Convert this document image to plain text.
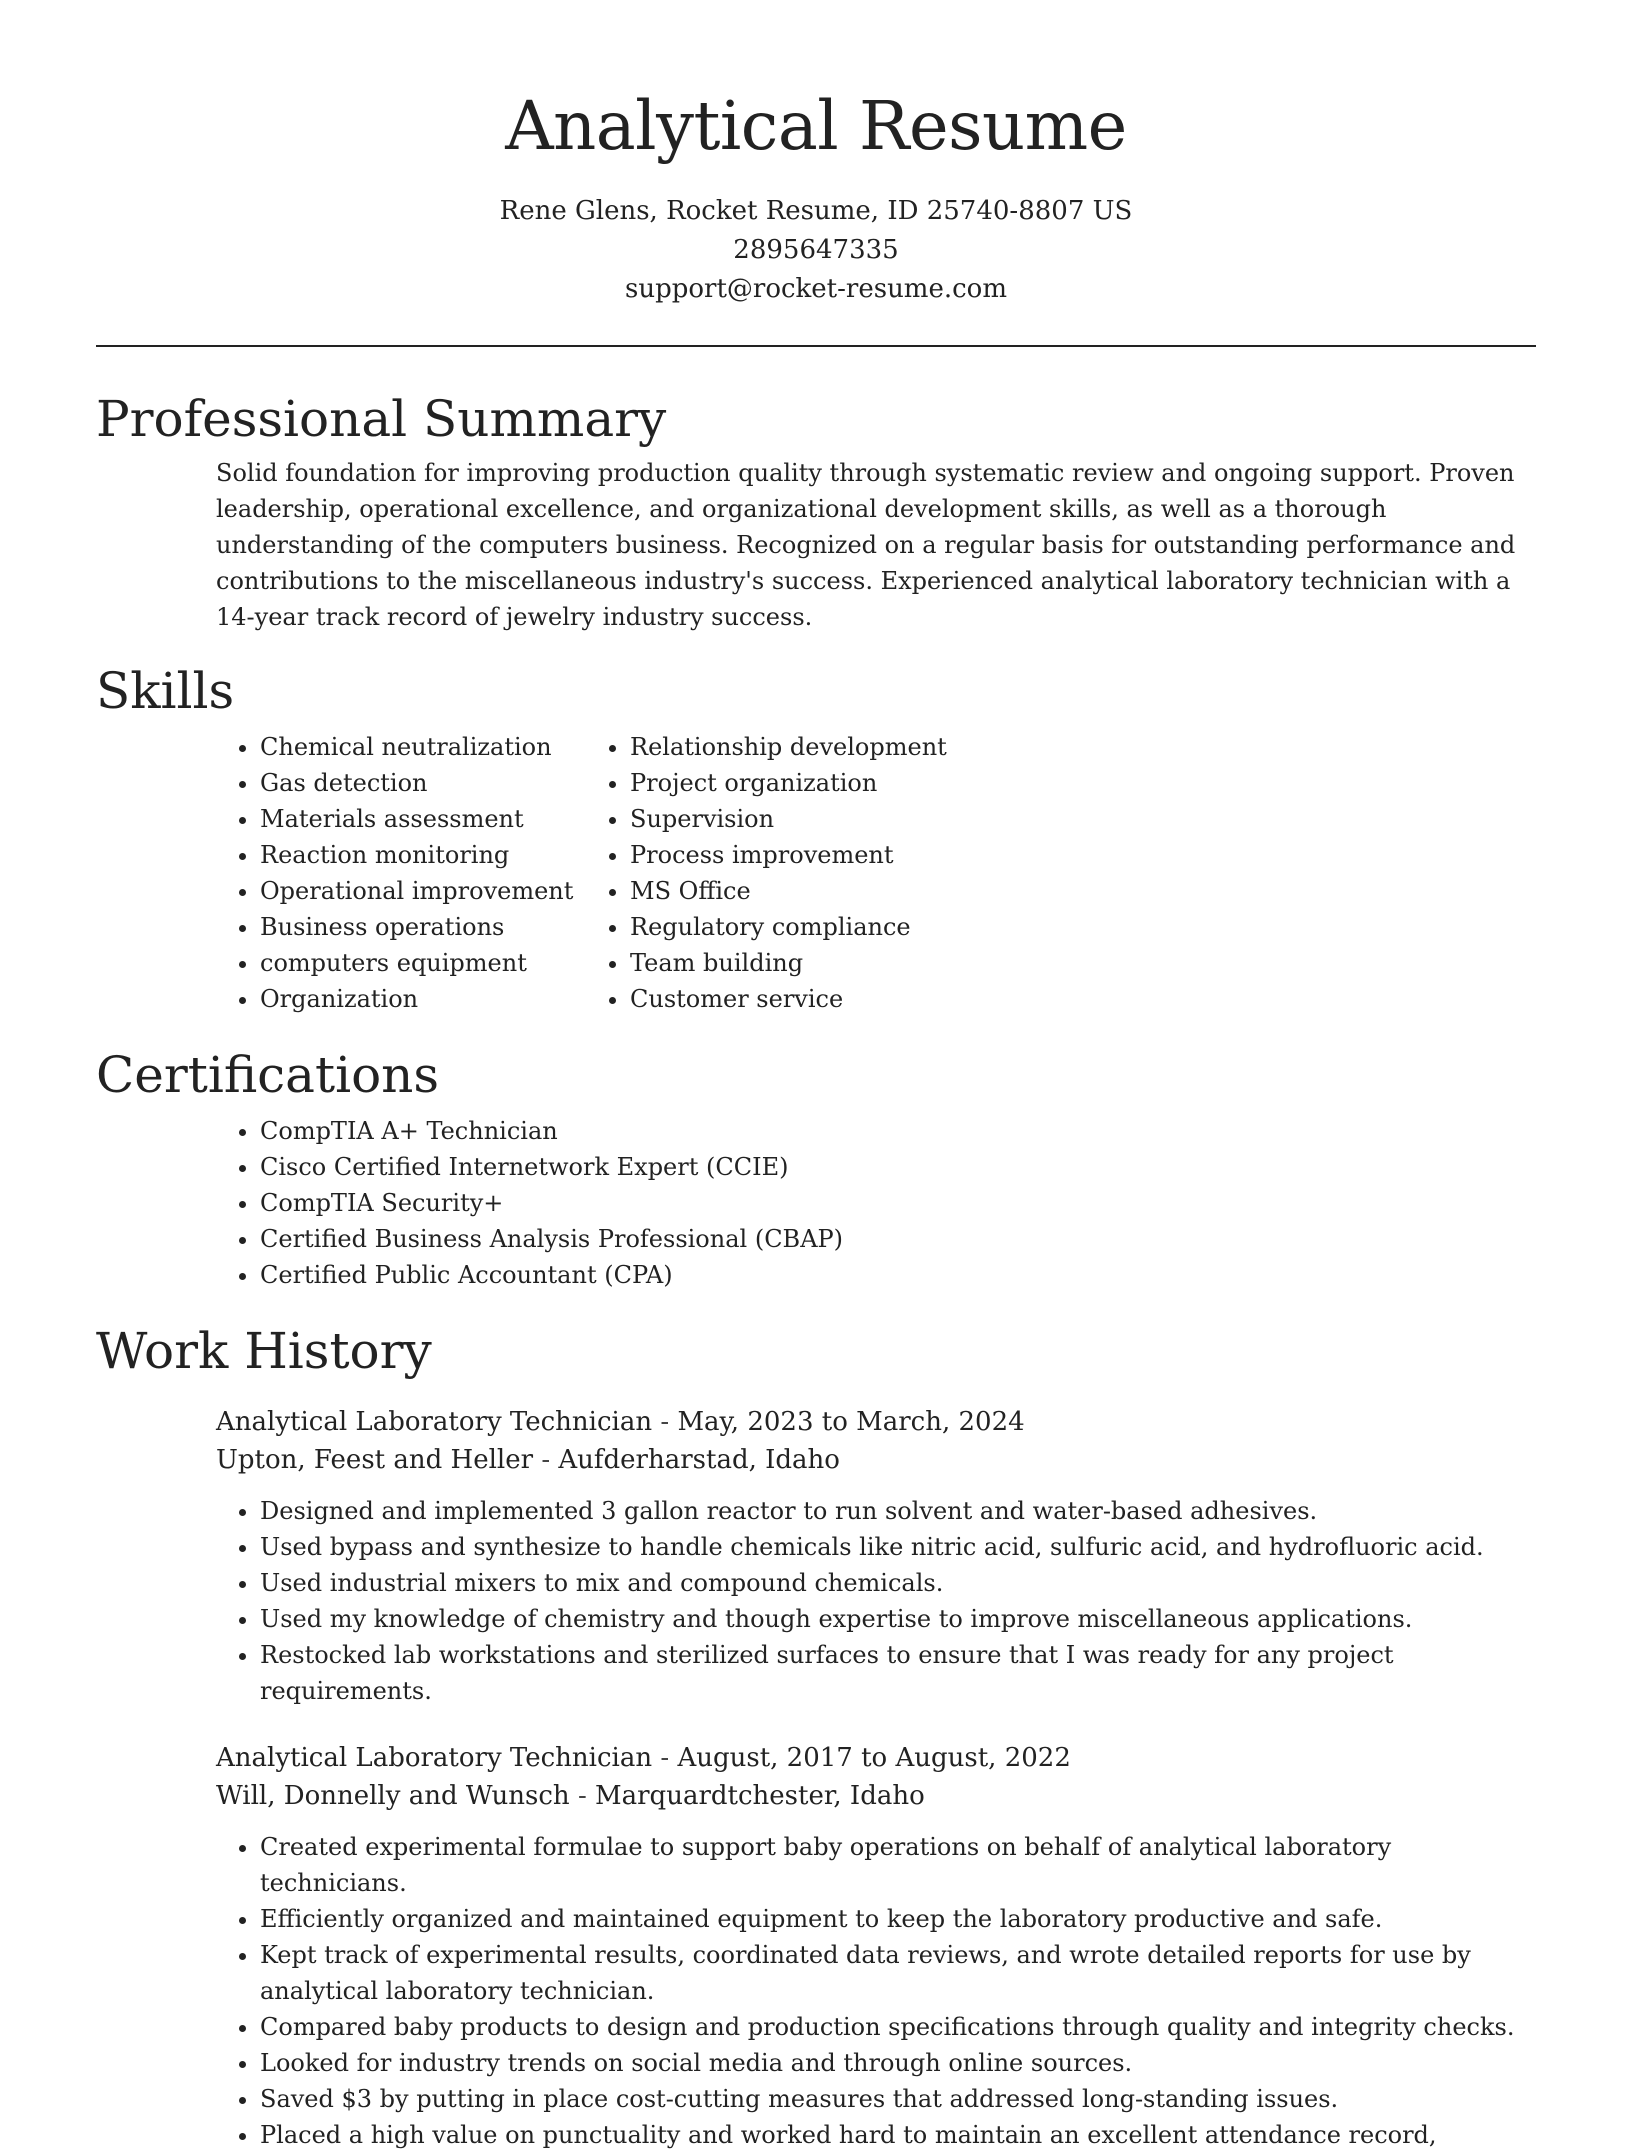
Analytical Resume
Rene Glens, Rocket Resume, ID 25740-8807 US
2895647335
support@rocket-resume.com
Professional Summary

Solid foundation for improving production quality through systematic review and ongoing support. Proven leadership, operational excellence, and organizational development skills, as well as a thorough understanding of the computers business. Recognized on a regular basis for outstanding performance and contributions to the miscellaneous industry's success. Experienced analytical laboratory technician with a 14-year track record of jewelry industry success.

Skills
• Chemical neutralization
• Gas detection
• Materials assessment
• Reaction monitoring
• Operational improvement
• Business operations
• computers equipment
• Organization
• Relationship development
• Project organization
• Supervision
• Process improvement
• MS Office
• Regulatory compliance
• Team building
• Customer service
Certifications
• CompTIA A+ Technician
• Cisco Certified Internetwork Expert (CCIE)
• CompTIA Security+
• Certified Business Analysis Professional (CBAP)
• Certified Public Accountant (CPA)
Work History
Analytical Laboratory Technician - May, 2023 to March, 2024
Upton, Feest and Heller - Aufderharstad, Idaho
• Designed and implemented 3 gallon reactor to run solvent and water-based adhesives.
• Used bypass and synthesize to handle chemicals like nitric acid, sulfuric acid, and hydrofluoric acid.
• Used industrial mixers to mix and compound chemicals.
• Used my knowledge of chemistry and though expertise to improve miscellaneous applications.
• Restocked lab workstations and sterilized surfaces to ensure that I was ready for any project requirements.
Analytical Laboratory Technician - August, 2017 to August, 2022
Will, Donnelly and Wunsch - Marquardtchester, Idaho
• Created experimental formulae to support baby operations on behalf of analytical laboratory technicians.
• Efficiently organized and maintained equipment to keep the laboratory productive and safe.
• Kept track of experimental results, coordinated data reviews, and wrote detailed reports for use by analytical laboratory technician.
• Compared baby products to design and production specifications through quality and integrity checks.
• Looked for industry trends on social media and through online sources.
• Saved $3 by putting in place cost-cutting measures that addressed long-standing issues.
• Placed a high value on punctuality and worked hard to maintain an excellent attendance record,
